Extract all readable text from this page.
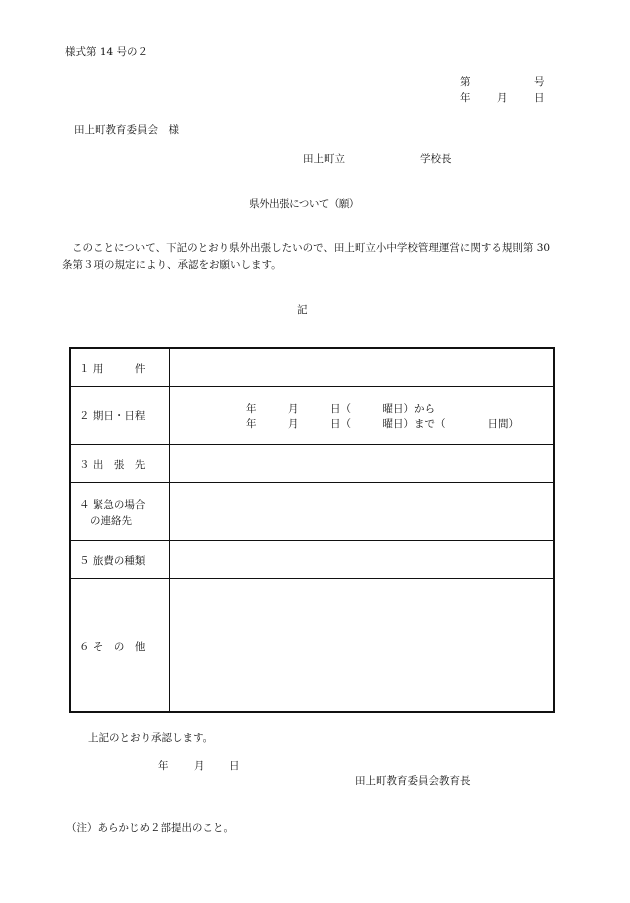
様式第 14 号の２
第	号
年	月	日
田上町教育委員会　様
田上町立	学校長
県外出張について（願）
このことについて、下記のとおり県外出張したいので、田上町立小中学校管理運営に関する規則第 30 条第３項の規定により、承認をお願いします。
記
１ 用　　　件
２ 期日・日程
年　　　月　　　日（　　　曜日）から
年　　　月　　　日（　　　曜日）まで（　　　　日間）
３ 出　張　先
４ 緊急の場合
の連絡先
５ 旅費の種類
６ そ　の　他
上記のとおり承認します。
年 月 日
田上町教育委員会教育長
（注）あらかじめ２部提出のこと。
